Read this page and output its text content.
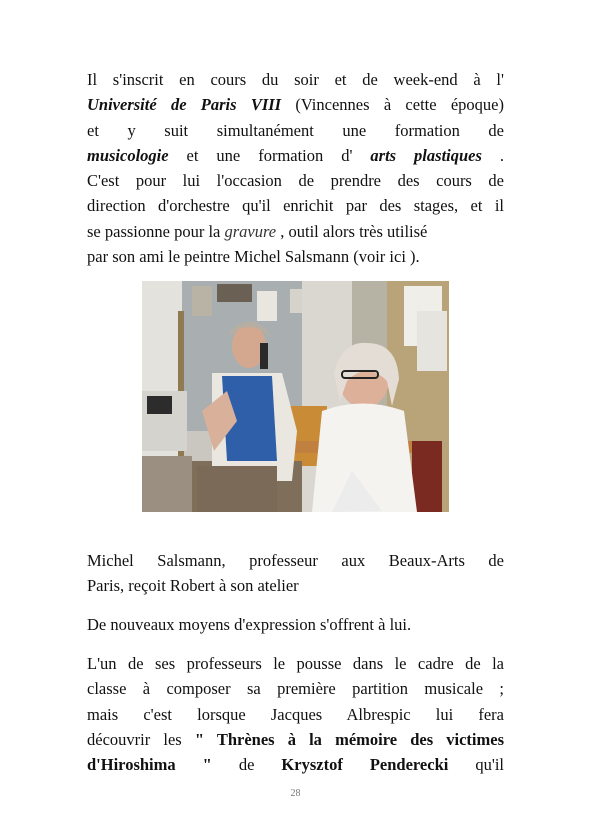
Il s'inscrit en cours du soir et de week-end à l'
Université de Paris VIII (Vincennes à cette époque)
et y suit simultanément une formation de
musicologie et une formation d' arts plastiques .
C'est pour lui l'occasion de prendre des cours de
direction d'orchestre qu'il enrichit par des stages, et il
se passionne pour la gravure , outil alors très utilisé
par son ami le peintre Michel Salsmann (voir ici ).
Michel Salsmann, professeur aux Beaux-Arts de
Paris, reçoit Robert à son atelier
De nouveaux moyens d'expression s'offrent à lui.
L'un de ses professeurs le pousse dans le cadre de la
classe à composer sa première partition musicale ;
mais c'est lorsque Jacques Albrespic lui fera
découvrir les " Thrènes à la mémoire des victimes
d'Hiroshima " de Krysztof Penderecki qu'il
28
